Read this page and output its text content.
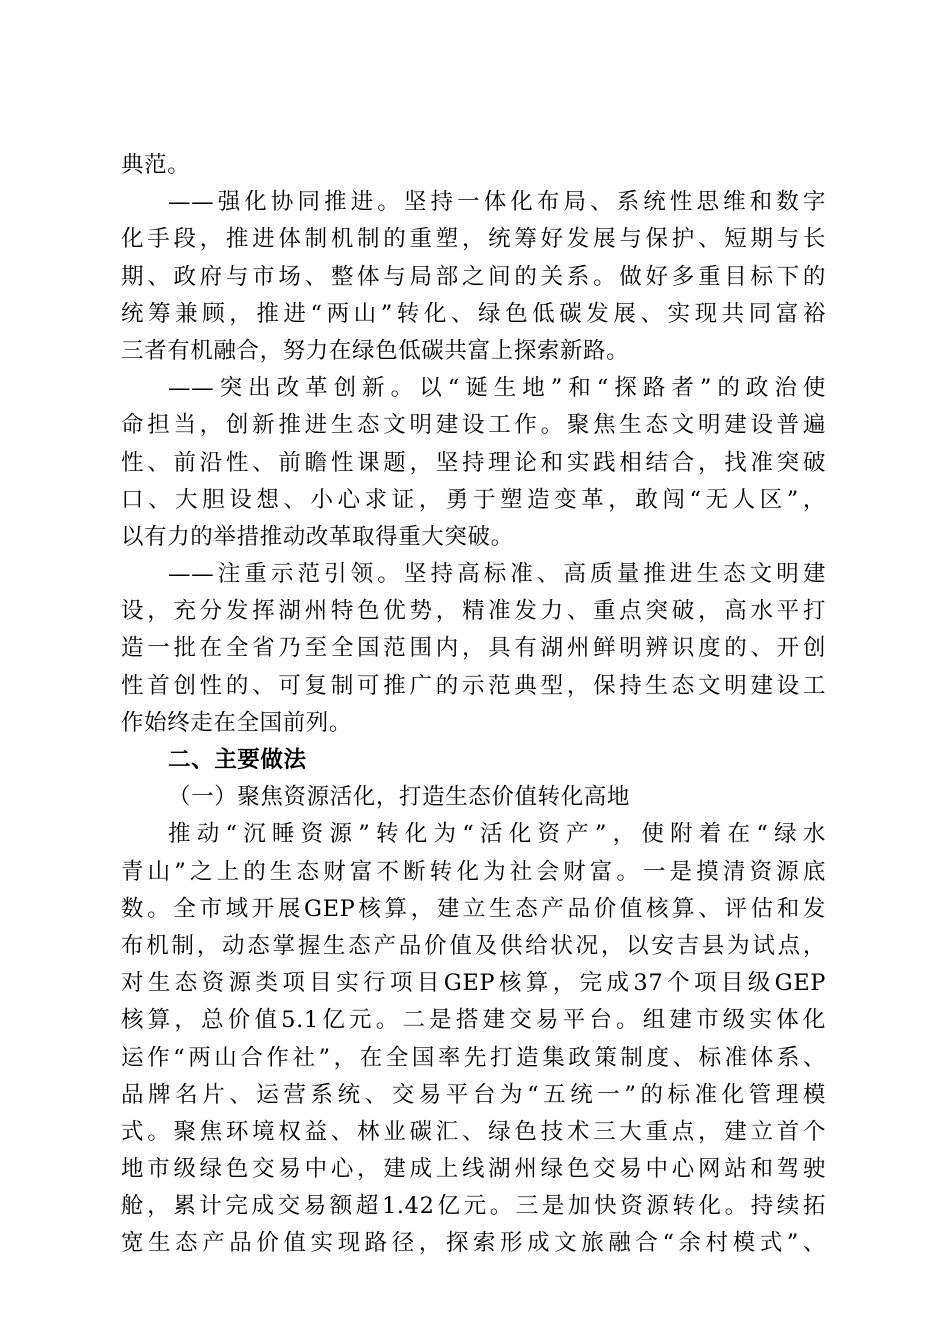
典范。
——强化协同推进。坚持一体化布局、系统性思维和数字
化手段，推进体制机制的重塑，统筹好发展与保护、短期与长
期、政府与市场、整体与局部之间的关系。做好多重目标下的
统筹兼顾，推进“两山”转化、绿色低碳发展、实现共同富裕
三者有机融合，努力在绿色低碳共富上探索新路。
——突出改革创新。以“诞生地”和“探路者”的政治使
命担当，创新推进生态文明建设工作。聚焦生态文明建设普遍
性、前沿性、前瞻性课题，坚持理论和实践相结合，找准突破
口、大胆设想、小心求证，勇于塑造变革，敢闯“无人区”，
以有力的举措推动改革取得重大突破。
——注重示范引领。坚持高标准、高质量推进生态文明建
设，充分发挥湖州特色优势，精准发力、重点突破，高水平打
造一批在全省乃至全国范围内，具有湖州鲜明辨识度的、开创
性首创性的、可复制可推广的示范典型，保持生态文明建设工
作始终走在全国前列。
二、主要做法
（一）聚焦资源活化，打造生态价值转化高地
推动“沉睡资源”转化为“活化资产”，使附着在“绿水
青山”之上的生态财富不断转化为社会财富。一是摸清资源底
数。全市域开展GEP核算，建立生态产品价值核算、评估和发
布机制，动态掌握生态产品价值及供给状况，以安吉县为试点，
对生态资源类项目实行项目GEP核算，完成37个项目级GEP
核算，总价值5.1亿元。二是搭建交易平台。组建市级实体化
运作“两山合作社”，在全国率先打造集政策制度、标准体系、
品牌名片、运营系统、交易平台为“五统一”的标准化管理模
式。聚焦环境权益、林业碳汇、绿色技术三大重点，建立首个
地市级绿色交易中心，建成上线湖州绿色交易中心网站和驾驶
舱，累计完成交易额超1.42亿元。三是加快资源转化。持续拓
宽生态产品价值实现路径，探索形成文旅融合“余村模式”、
